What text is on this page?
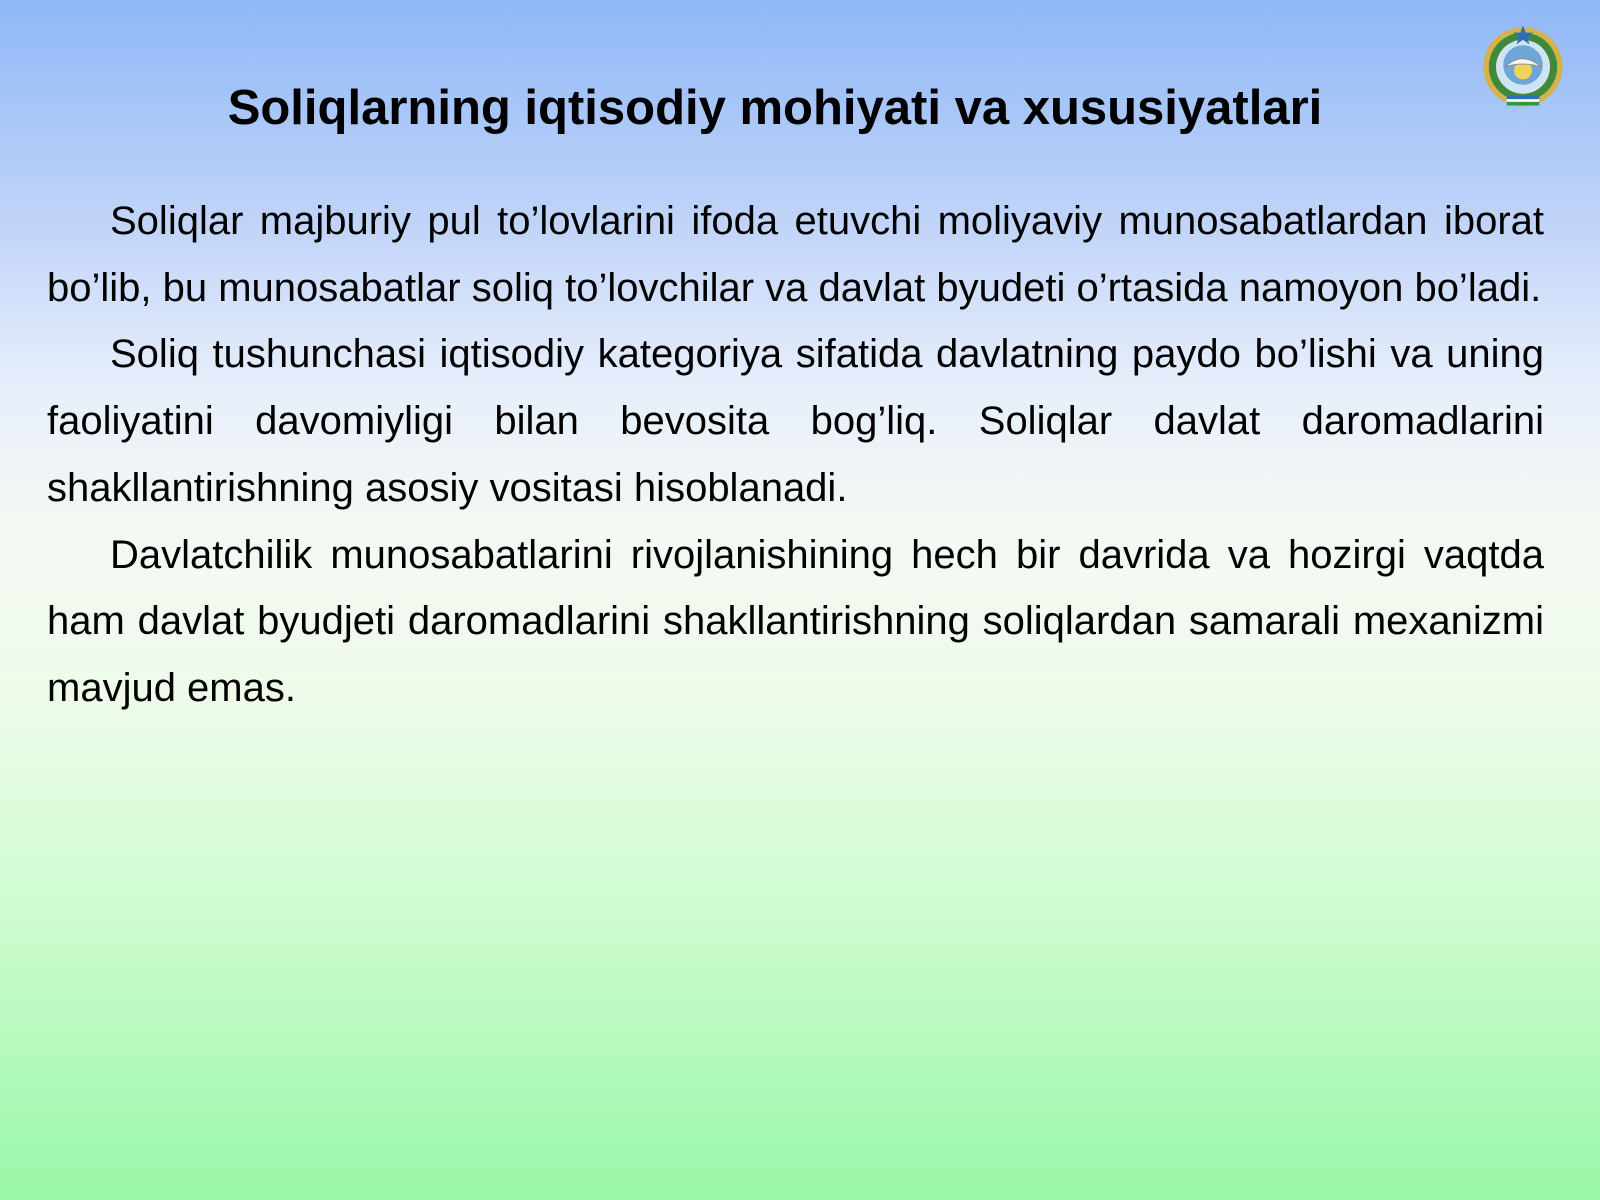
Soliqlarning iqtisodiy mohiyati va xususiyatlari

Soliqlar majburiy pul to’lovlarini ifoda etuvchi moliyaviy munosabatlardan iborat bo’lib, bu munosabatlar soliq to’lovchilar va davlat byudeti o’rtasida namoyon bo’ladi.

Soliq tushunchasi iqtisodiy kategoriya sifatida davlatning paydo bo’lishi va uning faoliyatini davomiyligi bilan bevosita bog’liq. Soliqlar davlat daromadlarini shakllantirishning asosiy vositasi hisoblanadi.

Davlatchilik munosabatlarini rivojlanishining hech bir davrida va hozirgi vaqtda ham davlat byudjeti daromadlarini shakllantirishning soliqlardan samarali mexanizmi mavjud emas.
